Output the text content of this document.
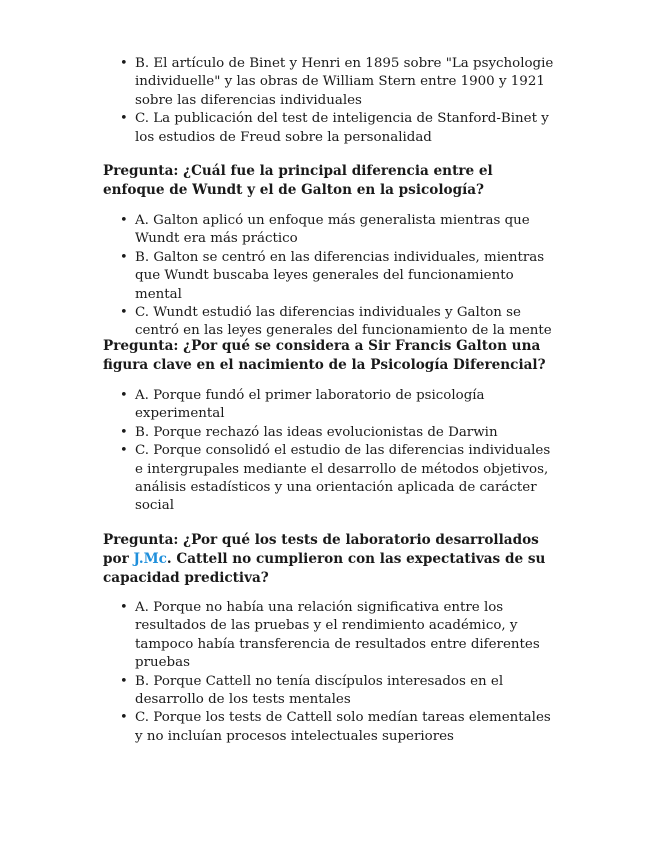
• B. El artículo de Binet y Henri en 1895 sobre "La psychologie individuelle" y las obras de William Stern entre 1900 y 1921 sobre las diferencias individuales
• C. La publicación del test de inteligencia de Stanford-Binet y los estudios de Freud sobre la personalidad

Pregunta: ¿Cuál fue la principal diferencia entre el enfoque de Wundt y el de Galton en la psicología?

• A. Galton aplicó un enfoque más generalista mientras que Wundt era más práctico
• B. Galton se centró en las diferencias individuales, mientras que Wundt buscaba leyes generales del funcionamiento mental
• C. Wundt estudió las diferencias individuales y Galton se centró en las leyes generales del funcionamiento de la mente

Pregunta: ¿Por qué se considera a Sir Francis Galton una figura clave en el nacimiento de la Psicología Diferencial?

• A. Porque fundó el primer laboratorio de psicología experimental
• B. Porque rechazó las ideas evolucionistas de Darwin
• C. Porque consolidó el estudio de las diferencias individuales e intergrupales mediante el desarrollo de métodos objetivos, análisis estadísticos y una orientación aplicada de carácter social

Pregunta: ¿Por qué los tests de laboratorio desarrollados por J.Mc. Cattell no cumplieron con las expectativas de su capacidad predictiva?

• A. Porque no había una relación significativa entre los resultados de las pruebas y el rendimiento académico, y tampoco había transferencia de resultados entre diferentes pruebas
• B. Porque Cattell no tenía discípulos interesados en el desarrollo de los tests mentales
• C. Porque los tests de Cattell solo medían tareas elementales y no incluían procesos intelectuales superiores
